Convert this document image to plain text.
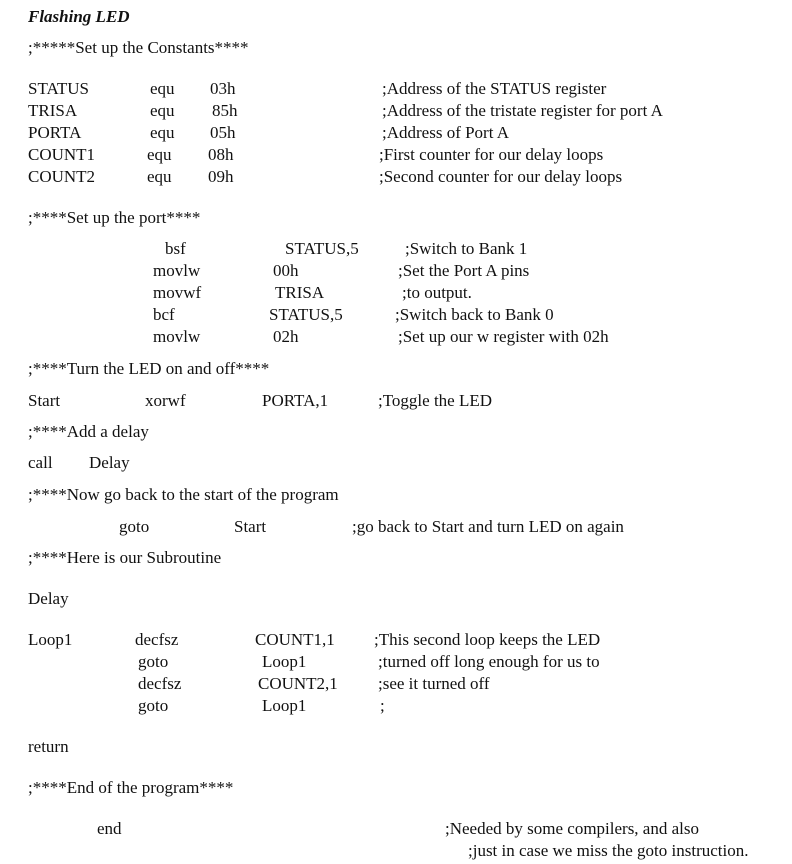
Flashing LED
;*****Set up the Constants****
STATUS	equ 03h	;Address of the STATUS register
TRISA	equ 85h	;Address of the tristate register for port A
PORTA	equ 05h	;Address of Port A
COUNT1	equ 08h	;First counter for our delay loops
COUNT2	equ 09h	;Second counter for our delay loops
;****Set up the port****
bsf	STATUS,5	;Switch to Bank 1
movlw	00h	;Set the Port A pins
movwf	TRISA	;to output.
bcf	STATUS,5	;Switch back to Bank 0
movlw	02h	;Set up our w register with 02h
;****Turn the LED on and off****
Start	xorwf	PORTA,1	;Toggle the LED
;****Add a delay
call Delay
;****Now go back to the start of the program
goto	Start	;go back to Start and turn LED on again
;****Here is our Subroutine
Delay
Loop1	decfsz	COUNT1,1 ;This second loop keeps the LED
goto	Loop1	;turned off long enough for us to
decfsz	COUNT2,1 ;see it turned off
goto	Loop1	;
return
;****End of the program****
end	;Needed by some compilers, and also
;just in case we miss the goto instruction.
